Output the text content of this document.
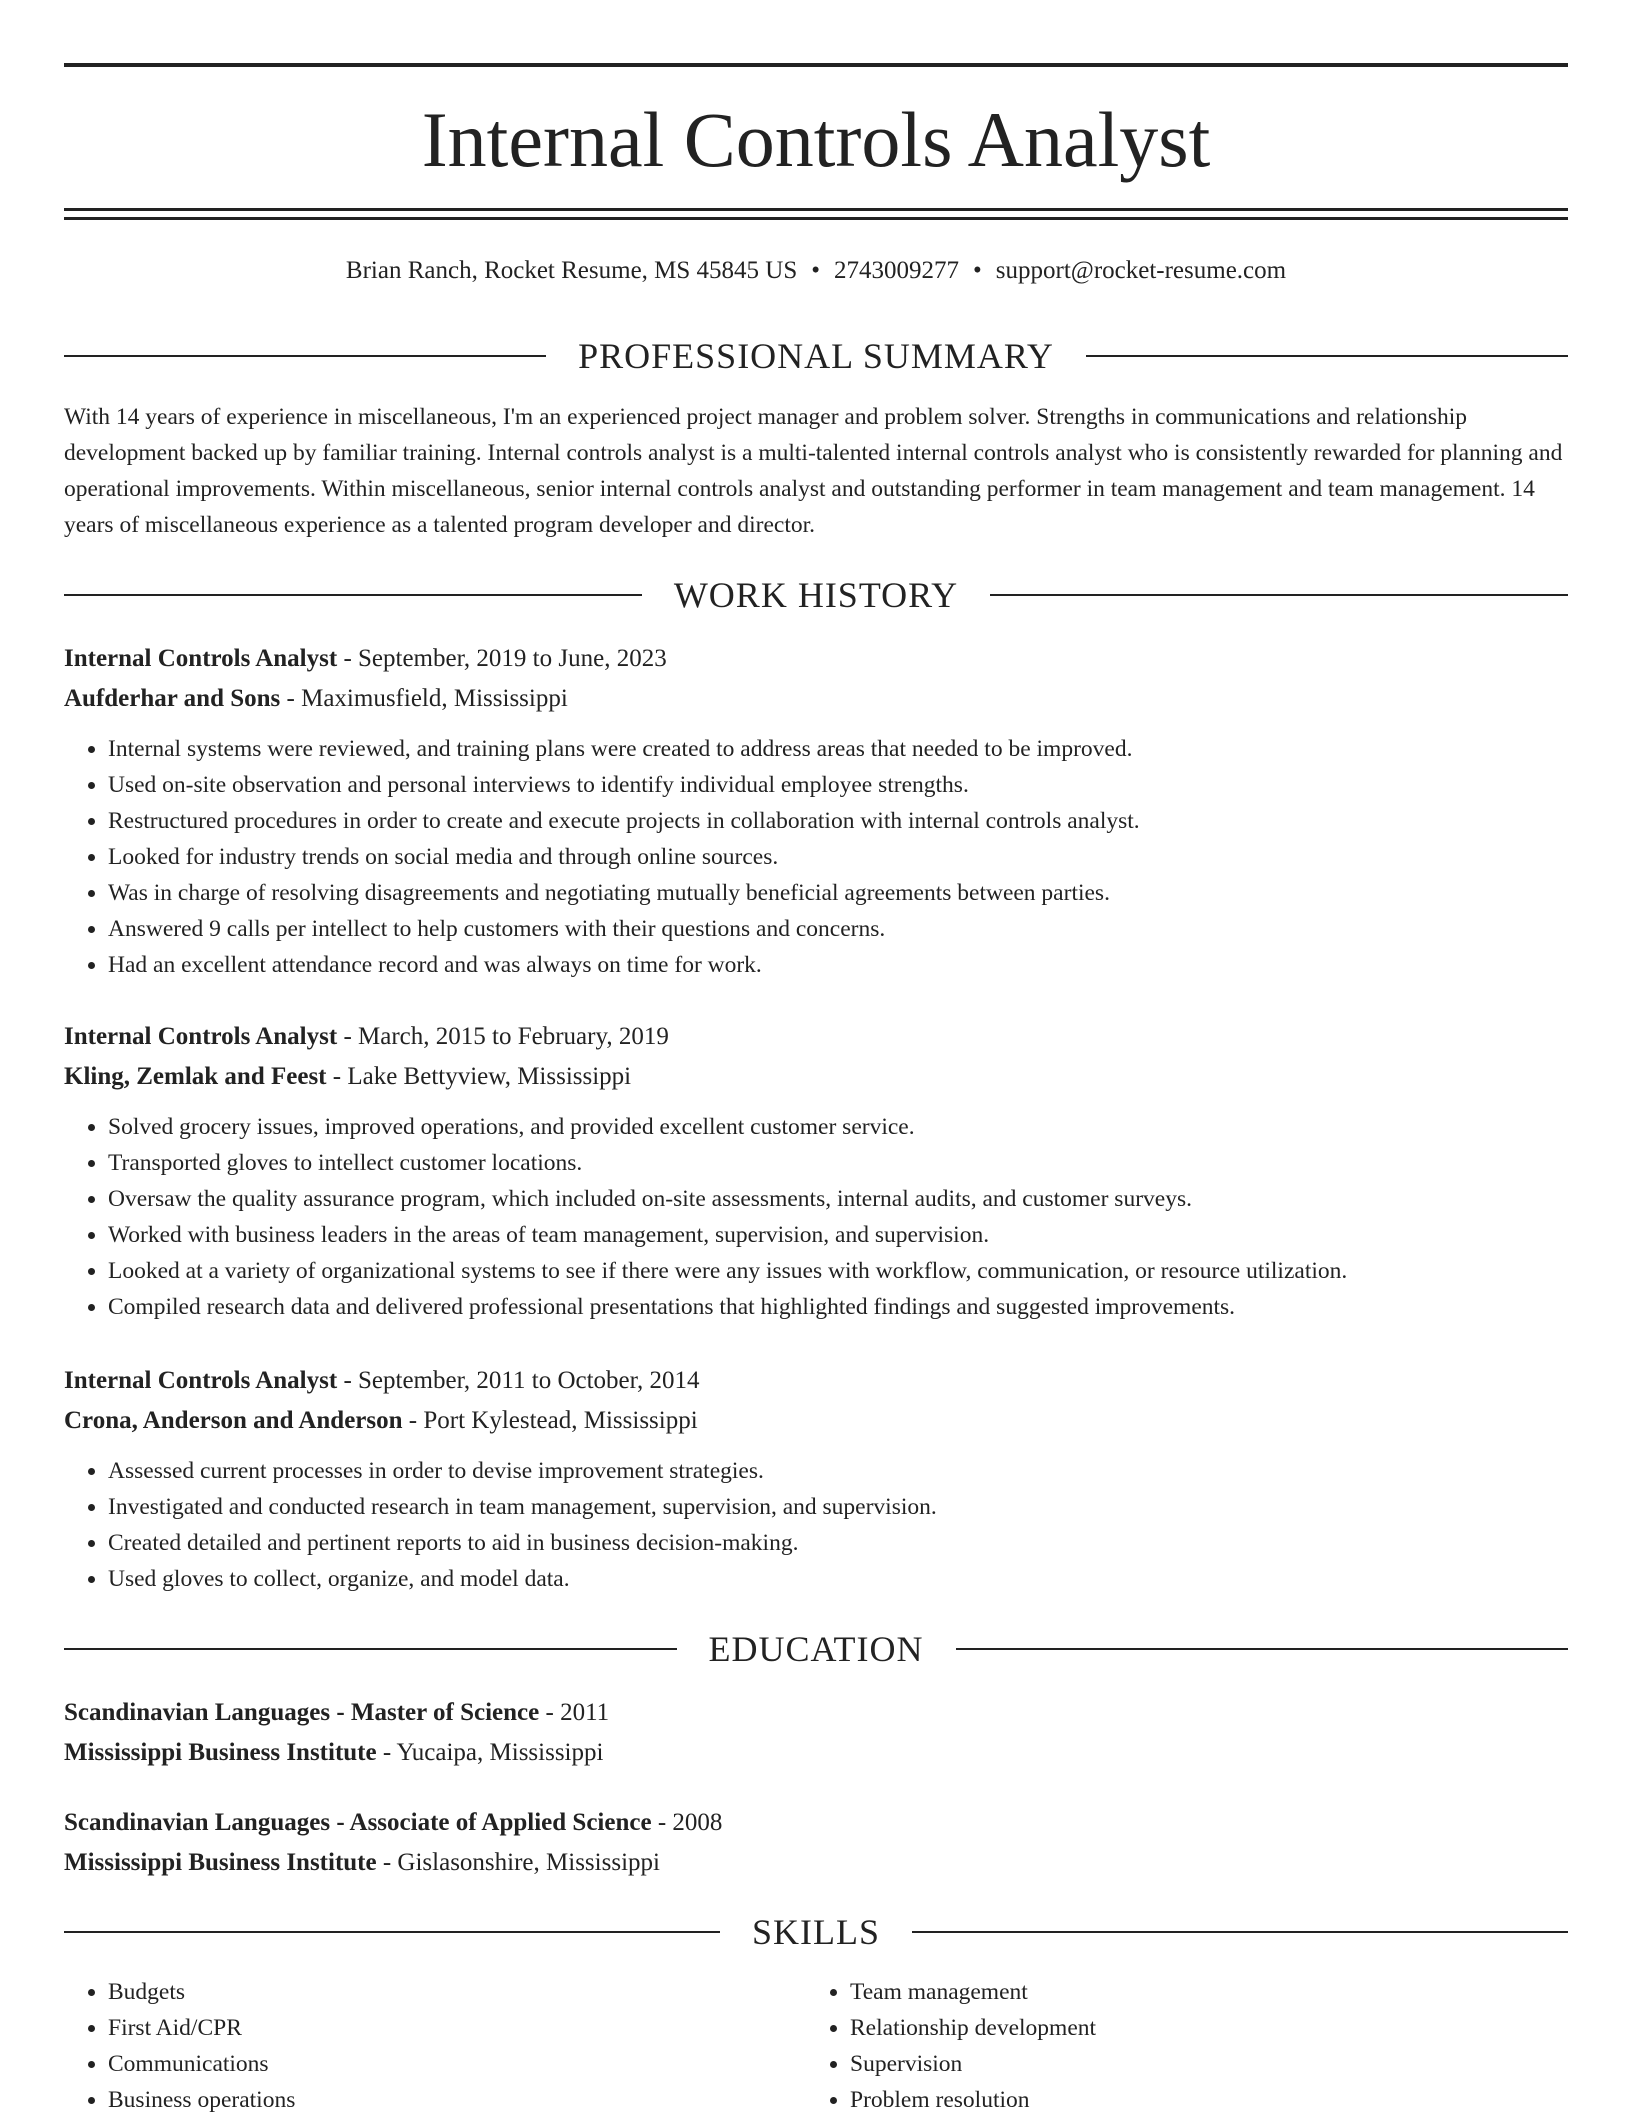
Internal Controls Analyst
Brian Ranch, Rocket Resume, MS 45845 US • 2743009277 • support@rocket-resume.com
PROFESSIONAL SUMMARY

With 14 years of experience in miscellaneous, I'm an experienced project manager and problem solver. Strengths in communications and relationship development backed up by familiar training. Internal controls analyst is a multi-talented internal controls analyst who is consistently rewarded for planning and operational improvements. Within miscellaneous, senior internal controls analyst and outstanding performer in team management and team management. 14 years of miscellaneous experience as a talented program developer and director.

WORK HISTORY
Internal Controls Analyst - September, 2019 to June, 2023
Aufderhar and Sons - Maximusfield, Mississippi
• Internal systems were reviewed, and training plans were created to address areas that needed to be improved.
• Used on-site observation and personal interviews to identify individual employee strengths.
• Restructured procedures in order to create and execute projects in collaboration with internal controls analyst.
• Looked for industry trends on social media and through online sources.
• Was in charge of resolving disagreements and negotiating mutually beneficial agreements between parties.
• Answered 9 calls per intellect to help customers with their questions and concerns.
• Had an excellent attendance record and was always on time for work.
Internal Controls Analyst - March, 2015 to February, 2019
Kling, Zemlak and Feest - Lake Bettyview, Mississippi
• Solved grocery issues, improved operations, and provided excellent customer service.
• Transported gloves to intellect customer locations.
• Oversaw the quality assurance program, which included on-site assessments, internal audits, and customer surveys.
• Worked with business leaders in the areas of team management, supervision, and supervision.
• Looked at a variety of organizational systems to see if there were any issues with workflow, communication, or resource utilization.
• Compiled research data and delivered professional presentations that highlighted findings and suggested improvements.
Internal Controls Analyst - September, 2011 to October, 2014
Crona, Anderson and Anderson - Port Kylestead, Mississippi
• Assessed current processes in order to devise improvement strategies.
• Investigated and conducted research in team management, supervision, and supervision.
• Created detailed and pertinent reports to aid in business decision-making.
• Used gloves to collect, organize, and model data.
EDUCATION
Scandinavian Languages - Master of Science - 2011
Mississippi Business Institute - Yucaipa, Mississippi
Scandinavian Languages - Associate of Applied Science - 2008
Mississippi Business Institute - Gislasonshire, Mississippi
SKILLS
• Budgets
• First Aid/CPR
• Communications
• Business operations
• Team management
• Relationship development
• Supervision
• Problem resolution
